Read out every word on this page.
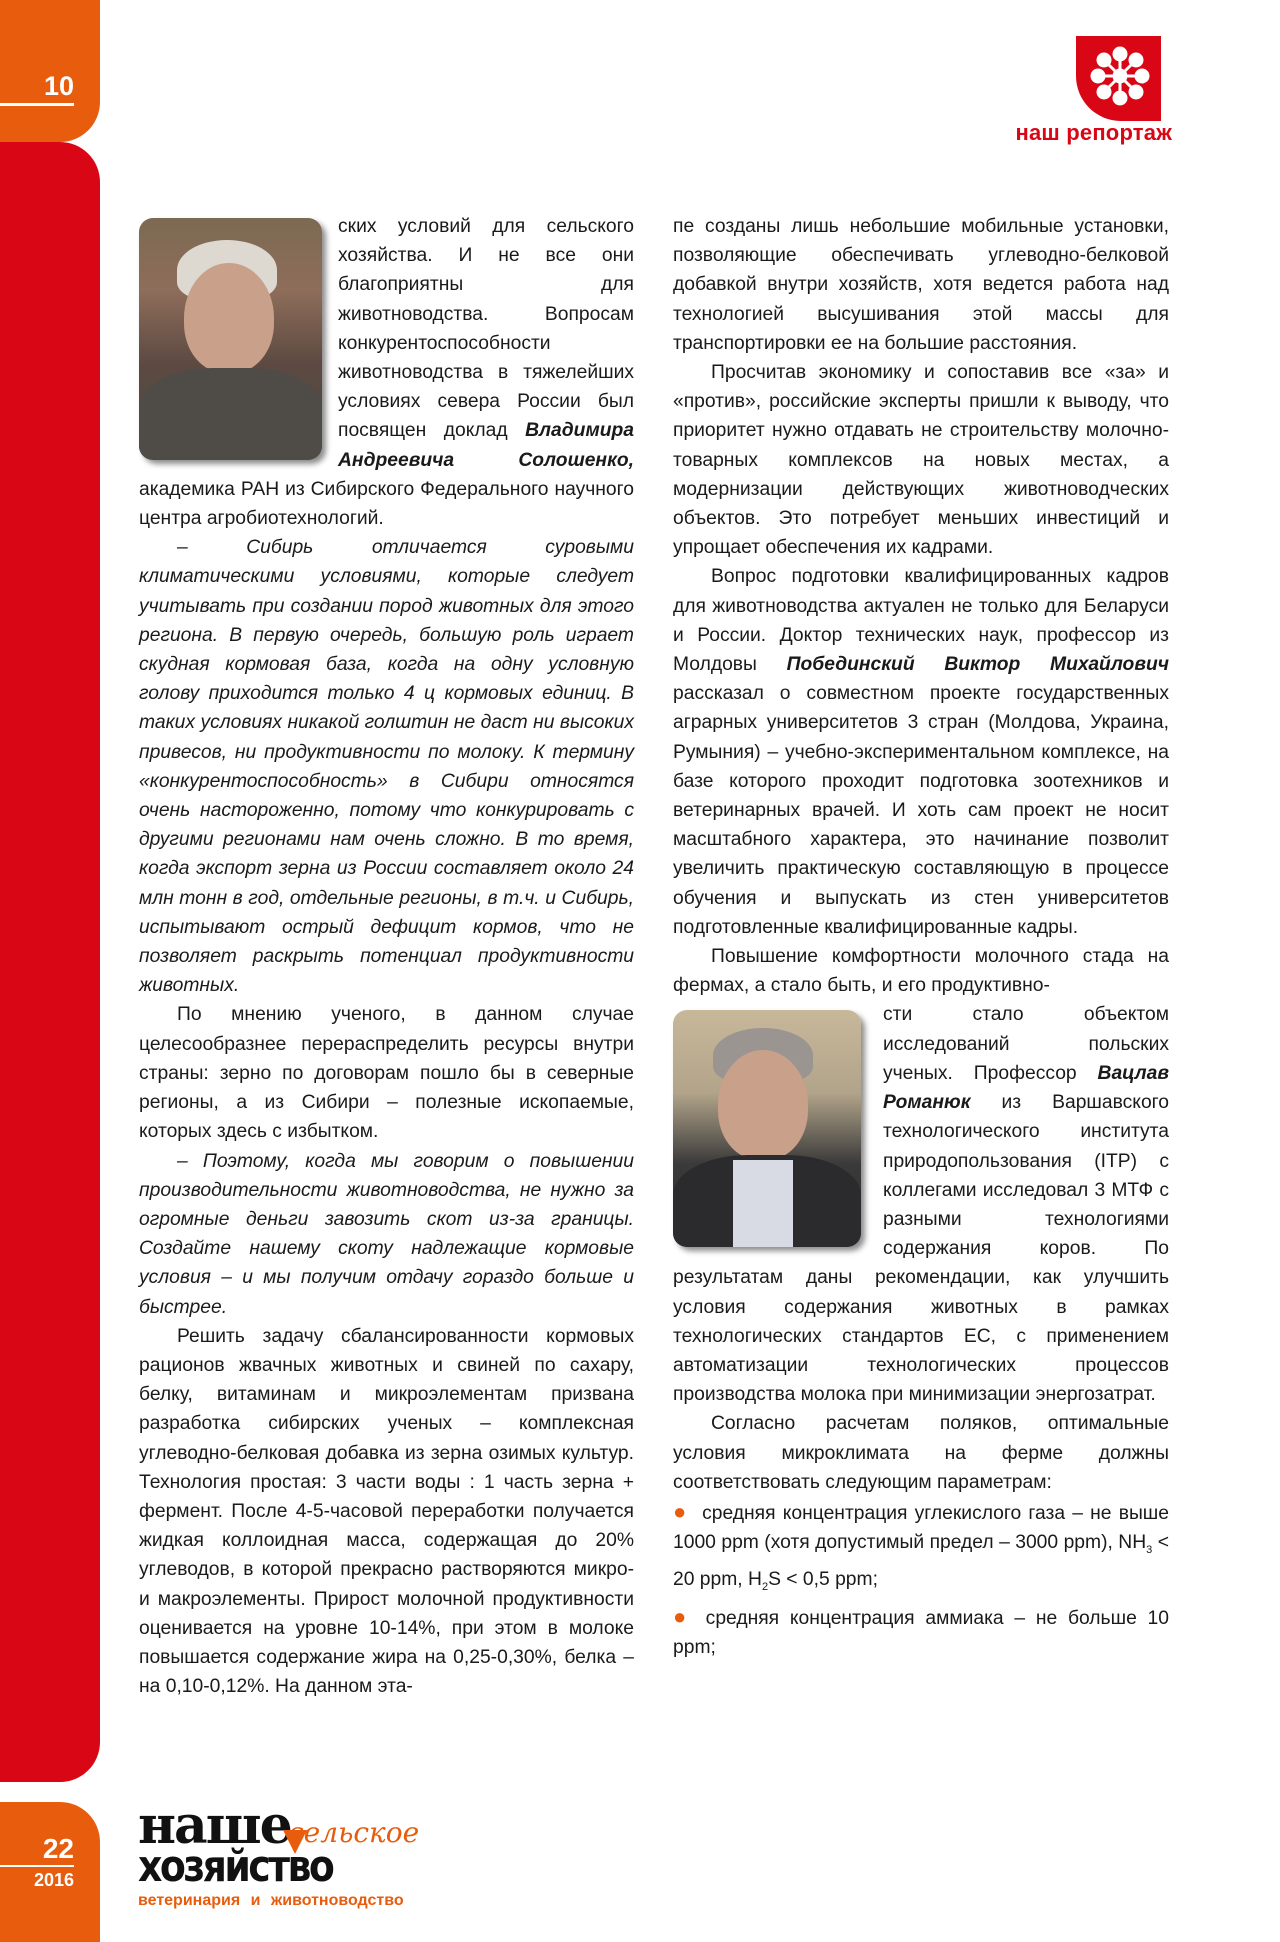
10
22
2016
наш репортаж

ских условий для сельского хозяйства. И не все они благоприятны для животноводства. Вопросам конкурентоспособности животноводства в тяжелейших условиях севера России был посвящен доклад Владимира Андреевича Солошенко, академика РАН из Сибирского Федерального научного центра агробиотехнологий.

– Сибирь отличается суровыми климатическими условиями, которые следует учитывать при создании пород животных для этого региона. В первую очередь, большую роль играет скудная кормовая база, когда на одну условную голову приходится только 4 ц кормовых единиц. В таких условиях никакой голштин не даст ни высоких привесов, ни продуктивности по молоку. К термину «конкурентоспособность» в Сибири относятся очень настороженно, потому что конкурировать с другими регионами нам очень сложно. В то время, когда экспорт зерна из России составляет около 24 млн тонн в год, отдельные регионы, в т.ч. и Сибирь, испытывают острый дефицит кормов, что не позволяет раскрыть потенциал продуктивности животных.

По мнению ученого, в данном случае целесообразнее перераспределить ресурсы внутри страны: зерно по договорам пошло бы в северные регионы, а из Сибири – полезные ископаемые, которых здесь с избытком.

– Поэтому, когда мы говорим о повышении производительности животноводства, не нужно за огромные деньги завозить скот из-за границы. Создайте нашему скоту надлежащие кормовые условия – и мы получим отдачу гораздо больше и быстрее.

Решить задачу сбалансированности кормовых рационов жвачных животных и свиней по сахару, белку, витаминам и микроэлементам призвана разработка сибирских ученых – комплексная углеводно-белковая добавка из зерна озимых культур. Технология простая: 3 части воды : 1 часть зерна + фермент. После 4-5-часовой переработки получается жидкая коллоидная масса, содержащая до 20% углеводов, в которой прекрасно растворяются микро- и макроэлементы. Прирост молочной продуктивности оценивается на уровне 10-14%, при этом в молоке повышается содержание жира на 0,25-0,30%, белка – на 0,10-0,12%. На данном эта-

пе созданы лишь небольшие мобильные установки, позволяющие обеспечивать углеводно-белковой добавкой внутри хозяйств, хотя ведется работа над технологией высушивания этой массы для транспортировки ее на большие расстояния.

Просчитав экономику и сопоставив все «за» и «против», российские эксперты пришли к выводу, что приоритет нужно отдавать не строительству молочно-товарных комплексов на новых местах, а модернизации действующих животноводческих объектов. Это потребует меньших инвестиций и упрощает обеспечения их кадрами.

Вопрос подготовки квалифицированных кадров для животноводства актуален не только для Беларуси и России. Доктор технических наук, профессор из Молдовы Побединский Виктор Михайлович рассказал о совместном проекте государственных аграрных университетов 3 стран (Молдова, Украина, Румыния) – учебно-экспериментальном комплексе, на базе которого проходит подготовка зоотехников и ветеринарных врачей. И хоть сам проект не носит масштабного характера, это начинание позволит увеличить практическую составляющую в процессе обучения и выпускать из стен университетов подготовленные квалифицированные кадры.

Повышение комфортности молочного стада на фермах, а стало быть, и его продуктивно-

сти стало объектом исследований польских ученых. Профессор Вацлав Романюк из Варшавского технологического института природопользования (ITP) с коллегами исследовал 3 МТФ с разными технологиями содержания коров. По результатам даны рекомендации, как улучшить условия содержания животных в рамках технологических стандартов ЕС, с применением автоматизации технологических процессов производства молока при минимизации энергозатрат.

Согласно расчетам поляков, оптимальные условия микроклимата на ферме должны соответствовать следующим параметрам:

● средняя концентрация углекислого газа – не выше 1000 ppm (хотя допустимый предел – 3000 ppm), $NH_3 < 20$ ppm, $H_2S < 0,5$ ppm;

● средняя концентрация аммиака – не больше 10 ppm;

наше
сельское
хозяйство
ветеринария и животноводство
